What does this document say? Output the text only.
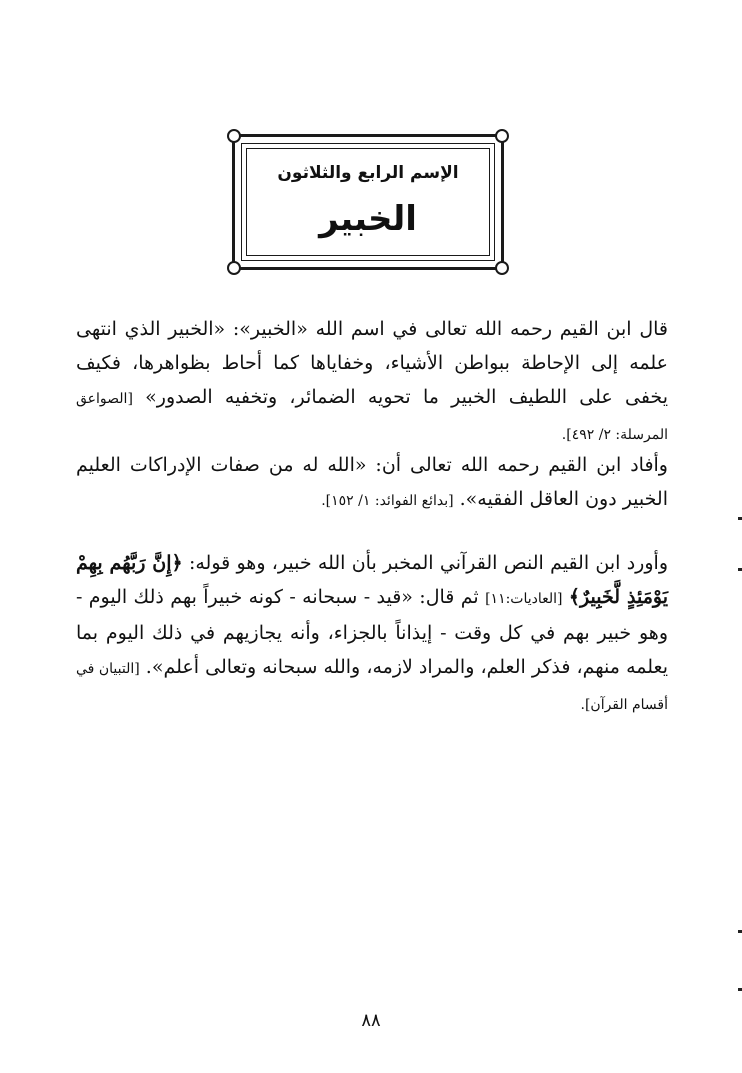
الإسم الرابع والثلاثون
الخبير
قال ابن القيم رحمه الله تعالى في اسم الله «الخبير»: «الخبير الذي انتهى علمه إلى الإحاطة ببواطن الأشياء، وخفاياها كما أحاط بظواهرها، فكيف يخفى على اللطيف الخبير ما تحويه الضمائر، وتخفيه الصدور» [الصواعق المرسلة: ٢/ ٤٩٢].
وأفاد ابن القيم رحمه الله تعالى أن: «الله له من صفات الإدراكات العليم الخبير دون العاقل الفقيه». [بدائع الفوائد: ١/ ١٥٢].
وأورد ابن القيم النص القرآني المخبر بأن الله خبير، وهو قوله: ﴿إِنَّ رَبَّهُم بِهِمْ يَوْمَئِذٍ لَّخَبِيرٌ﴾ [العاديات:١١] ثم قال: «قيد - سبحانه - كونه خبيراً بهم ذلك اليوم - وهو خبير بهم في كل وقت - إيذاناً بالجزاء، وأنه يجازيهم في ذلك اليوم بما يعلمه منهم، فذكر العلم، والمراد لازمه، والله سبحانه وتعالى أعلم». [التبيان في أقسام القرآن].
٨٨
